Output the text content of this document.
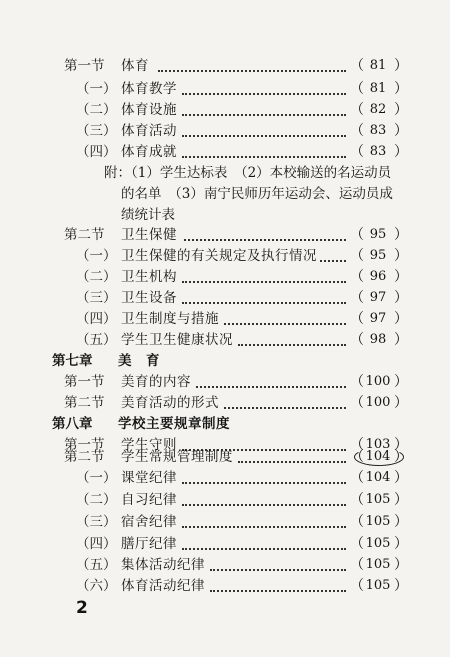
第一节 体育	（ 81 ）
（一） 体育教学	（ 81 ）
（二） 体育设施	（ 82 ）
（三） 体育活动	（ 83 ）
（四） 体育成就	（ 83 ）
附：（1）学生达标表　（2）本校输送的名运动员
的名单　（3）南宁民师历年运动会、运动员成
绩统计表
第二节 卫生保健	（ 95 ）
（一） 卫生保健的有关规定及执行情况 （ 95 ）
（二） 卫生机构	（ 96 ）
（三） 卫生设备	（ 97 ）
（四） 卫生制度与措施	（ 97 ）
（五） 学生卫生健康状况	（ 98 ）
第七章 美　育
第一节 美育的内容	（ 100 ）
第二节 美育活动的形式	（ 100 ）
第八章 学校主要规章制度
第一节 学生守则	（ 103 ）
第二节 学生常规管理制度	（ 104 ）
（一） 课堂纪律	（ 104 ）
（二） 自习纪律	（ 105 ）
（三） 宿舍纪律	（ 105 ）
（四） 膳厅纪律	（ 105 ）
（五） 集体活动纪律	（ 105 ）
（六） 体育活动纪律	（ 105 ）
2
